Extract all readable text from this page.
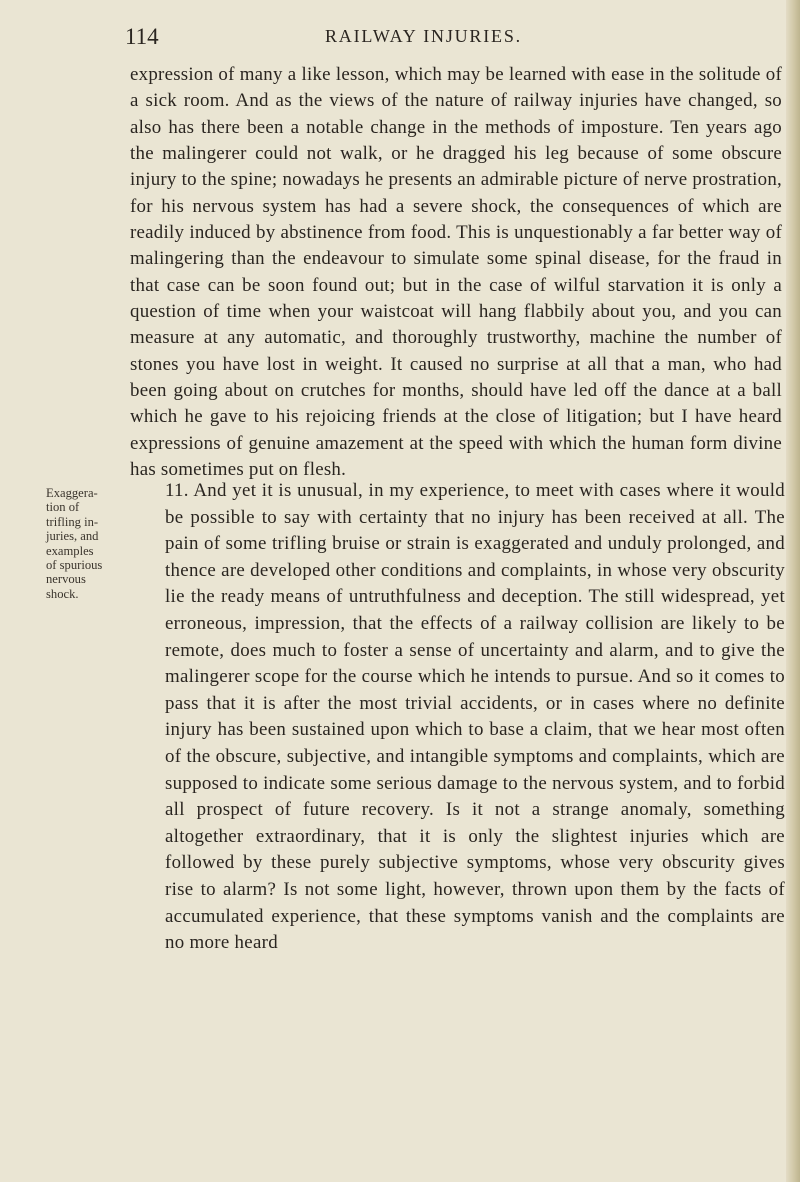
114	RAILWAY INJURIES.

expression of many a like lesson, which may be learned with ease in the solitude of a sick room. And as the views of the nature of railway injuries have changed, so also has there been a notable change in the methods of imposture. Ten years ago the malingerer could not walk, or he dragged his leg because of some obscure injury to the spine; nowadays he presents an admirable picture of nerve prostration, for his nervous system has had a severe shock, the consequences of which are readily induced by abstinence from food. This is unquestionably a far better way of malingering than the endeavour to simulate some spinal disease, for the fraud in that case can be soon found out; but in the case of wilful starvation it is only a question of time when your waistcoat will hang flabbily about you, and you can measure at any automatic, and thoroughly trustworthy, machine the number of stones you have lost in weight. It caused no surprise at all that a man, who had been going about on crutches for months, should have led off the dance at a ball which he gave to his rejoicing friends at the close of litigation; but I have heard expressions of genuine amazement at the speed with which the human form divine has sometimes put on flesh.

Exaggera-
tion of
trifling in-
juries, and
examples
of spurious
nervous
shock.

11. And yet it is unusual, in my experience, to meet with cases where it would be possible to say with certainty that no injury has been received at all. The pain of some trifling bruise or strain is exaggerated and unduly prolonged, and thence are developed other conditions and complaints, in whose very obscurity lie the ready means of untruthfulness and deception. The still widespread, yet erroneous, impression, that the effects of a railway collision are likely to be remote, does much to foster a sense of uncertainty and alarm, and to give the malingerer scope for the course which he intends to pursue. And so it comes to pass that it is after the most trivial accidents, or in cases where no definite injury has been sustained upon which to base a claim, that we hear most often of the obscure, subjective, and intangible symptoms and complaints, which are supposed to indicate some serious damage to the nervous system, and to forbid all prospect of future recovery. Is it not a strange anomaly, something altogether extraordinary, that it is only the slightest injuries which are followed by these purely subjective symptoms, whose very obscurity gives rise to alarm? Is not some light, however, thrown upon them by the facts of accumulated experience, that these symptoms vanish and the complaints are no more heard
